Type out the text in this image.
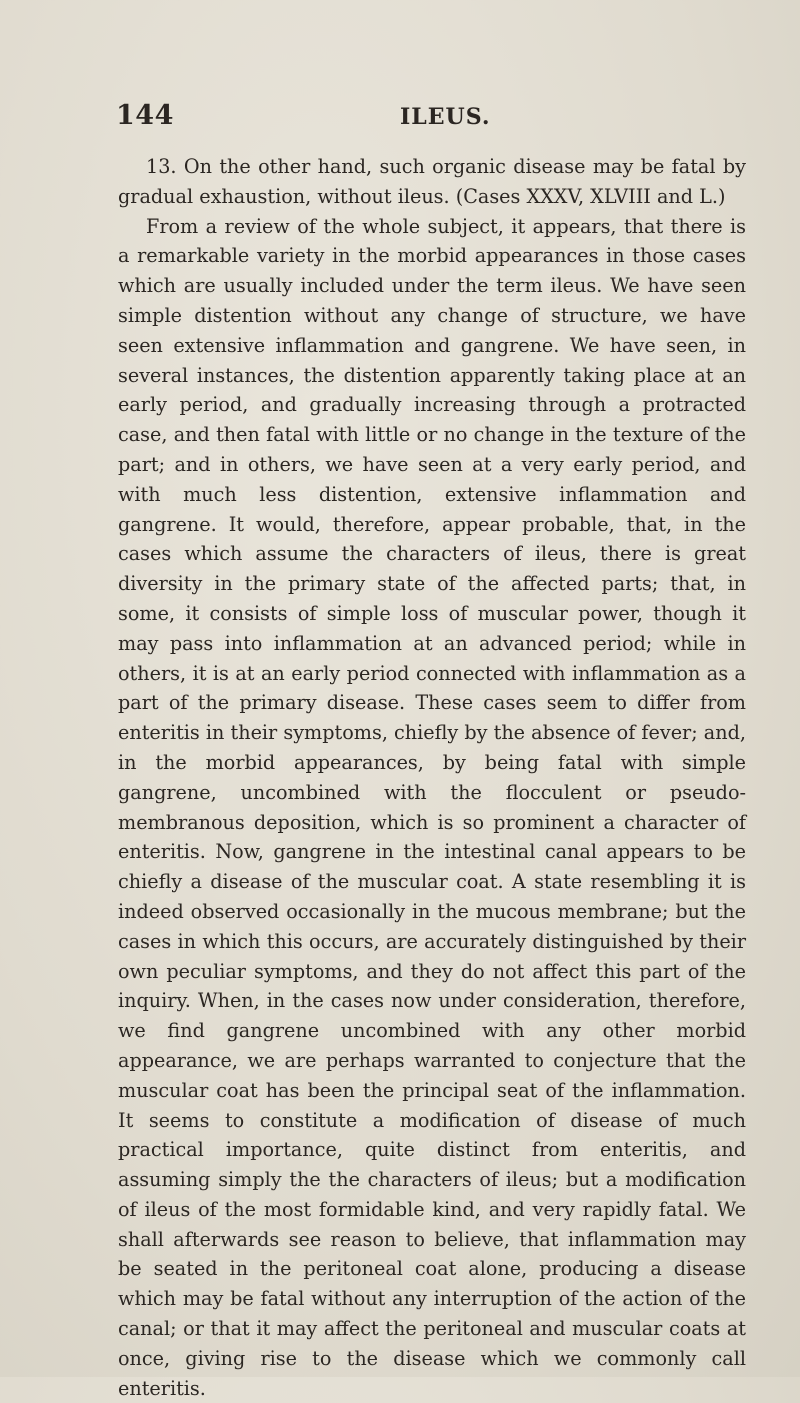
144	ILEUS.

13. On the other hand, such organic disease may be fatal by gradual exhaustion, without ileus. (Cases XXXV, XLVIII and L.)

From a review of the whole subject, it appears, that there is a remarkable variety in the morbid appearances in those cases which are usually included under the term ileus. We have seen simple distention without any change of structure, we have seen extensive inflammation and gangrene. We have seen, in several instances, the distention apparently taking place at an early period, and gradually increasing through a protracted case, and then fatal with little or no change in the texture of the part; and in others, we have seen at a very early period, and with much less distention, extensive inflammation and gangrene. It would, therefore, appear probable, that, in the cases which assume the characters of ileus, there is great diversity in the primary state of the affected parts; that, in some, it consists of simple loss of muscular power, though it may pass into inflammation at an advanced period; while in others, it is at an early period connected with inflammation as a part of the primary disease. These cases seem to differ from enteritis in their symptoms, chiefly by the absence of fever; and, in the morbid appearances, by being fatal with simple gangrene, uncombined with the flocculent or pseudo-membranous deposition, which is so prominent a character of enteritis. Now, gangrene in the intestinal canal appears to be chiefly a disease of the muscular coat. A state resembling it is indeed observed occasionally in the mucous membrane; but the cases in which this occurs, are accurately distinguished by their own peculiar symptoms, and they do not affect this part of the inquiry. When, in the cases now under consideration, therefore, we find gangrene uncombined with any other morbid appearance, we are perhaps warranted to conjecture that the muscular coat has been the principal seat of the inflammation. It seems to constitute a modification of disease of much practical importance, quite distinct from enteritis, and assuming simply the the characters of ileus; but a modification of ileus of the most formidable kind, and very rapidly fatal. We shall afterwards see reason to believe, that inflammation may be seated in the peritoneal coat alone, producing a disease which may be fatal without any interruption of the action of the canal; or that it may affect the peritoneal and muscular coats at once, giving rise to the disease which we commonly call enteritis.
